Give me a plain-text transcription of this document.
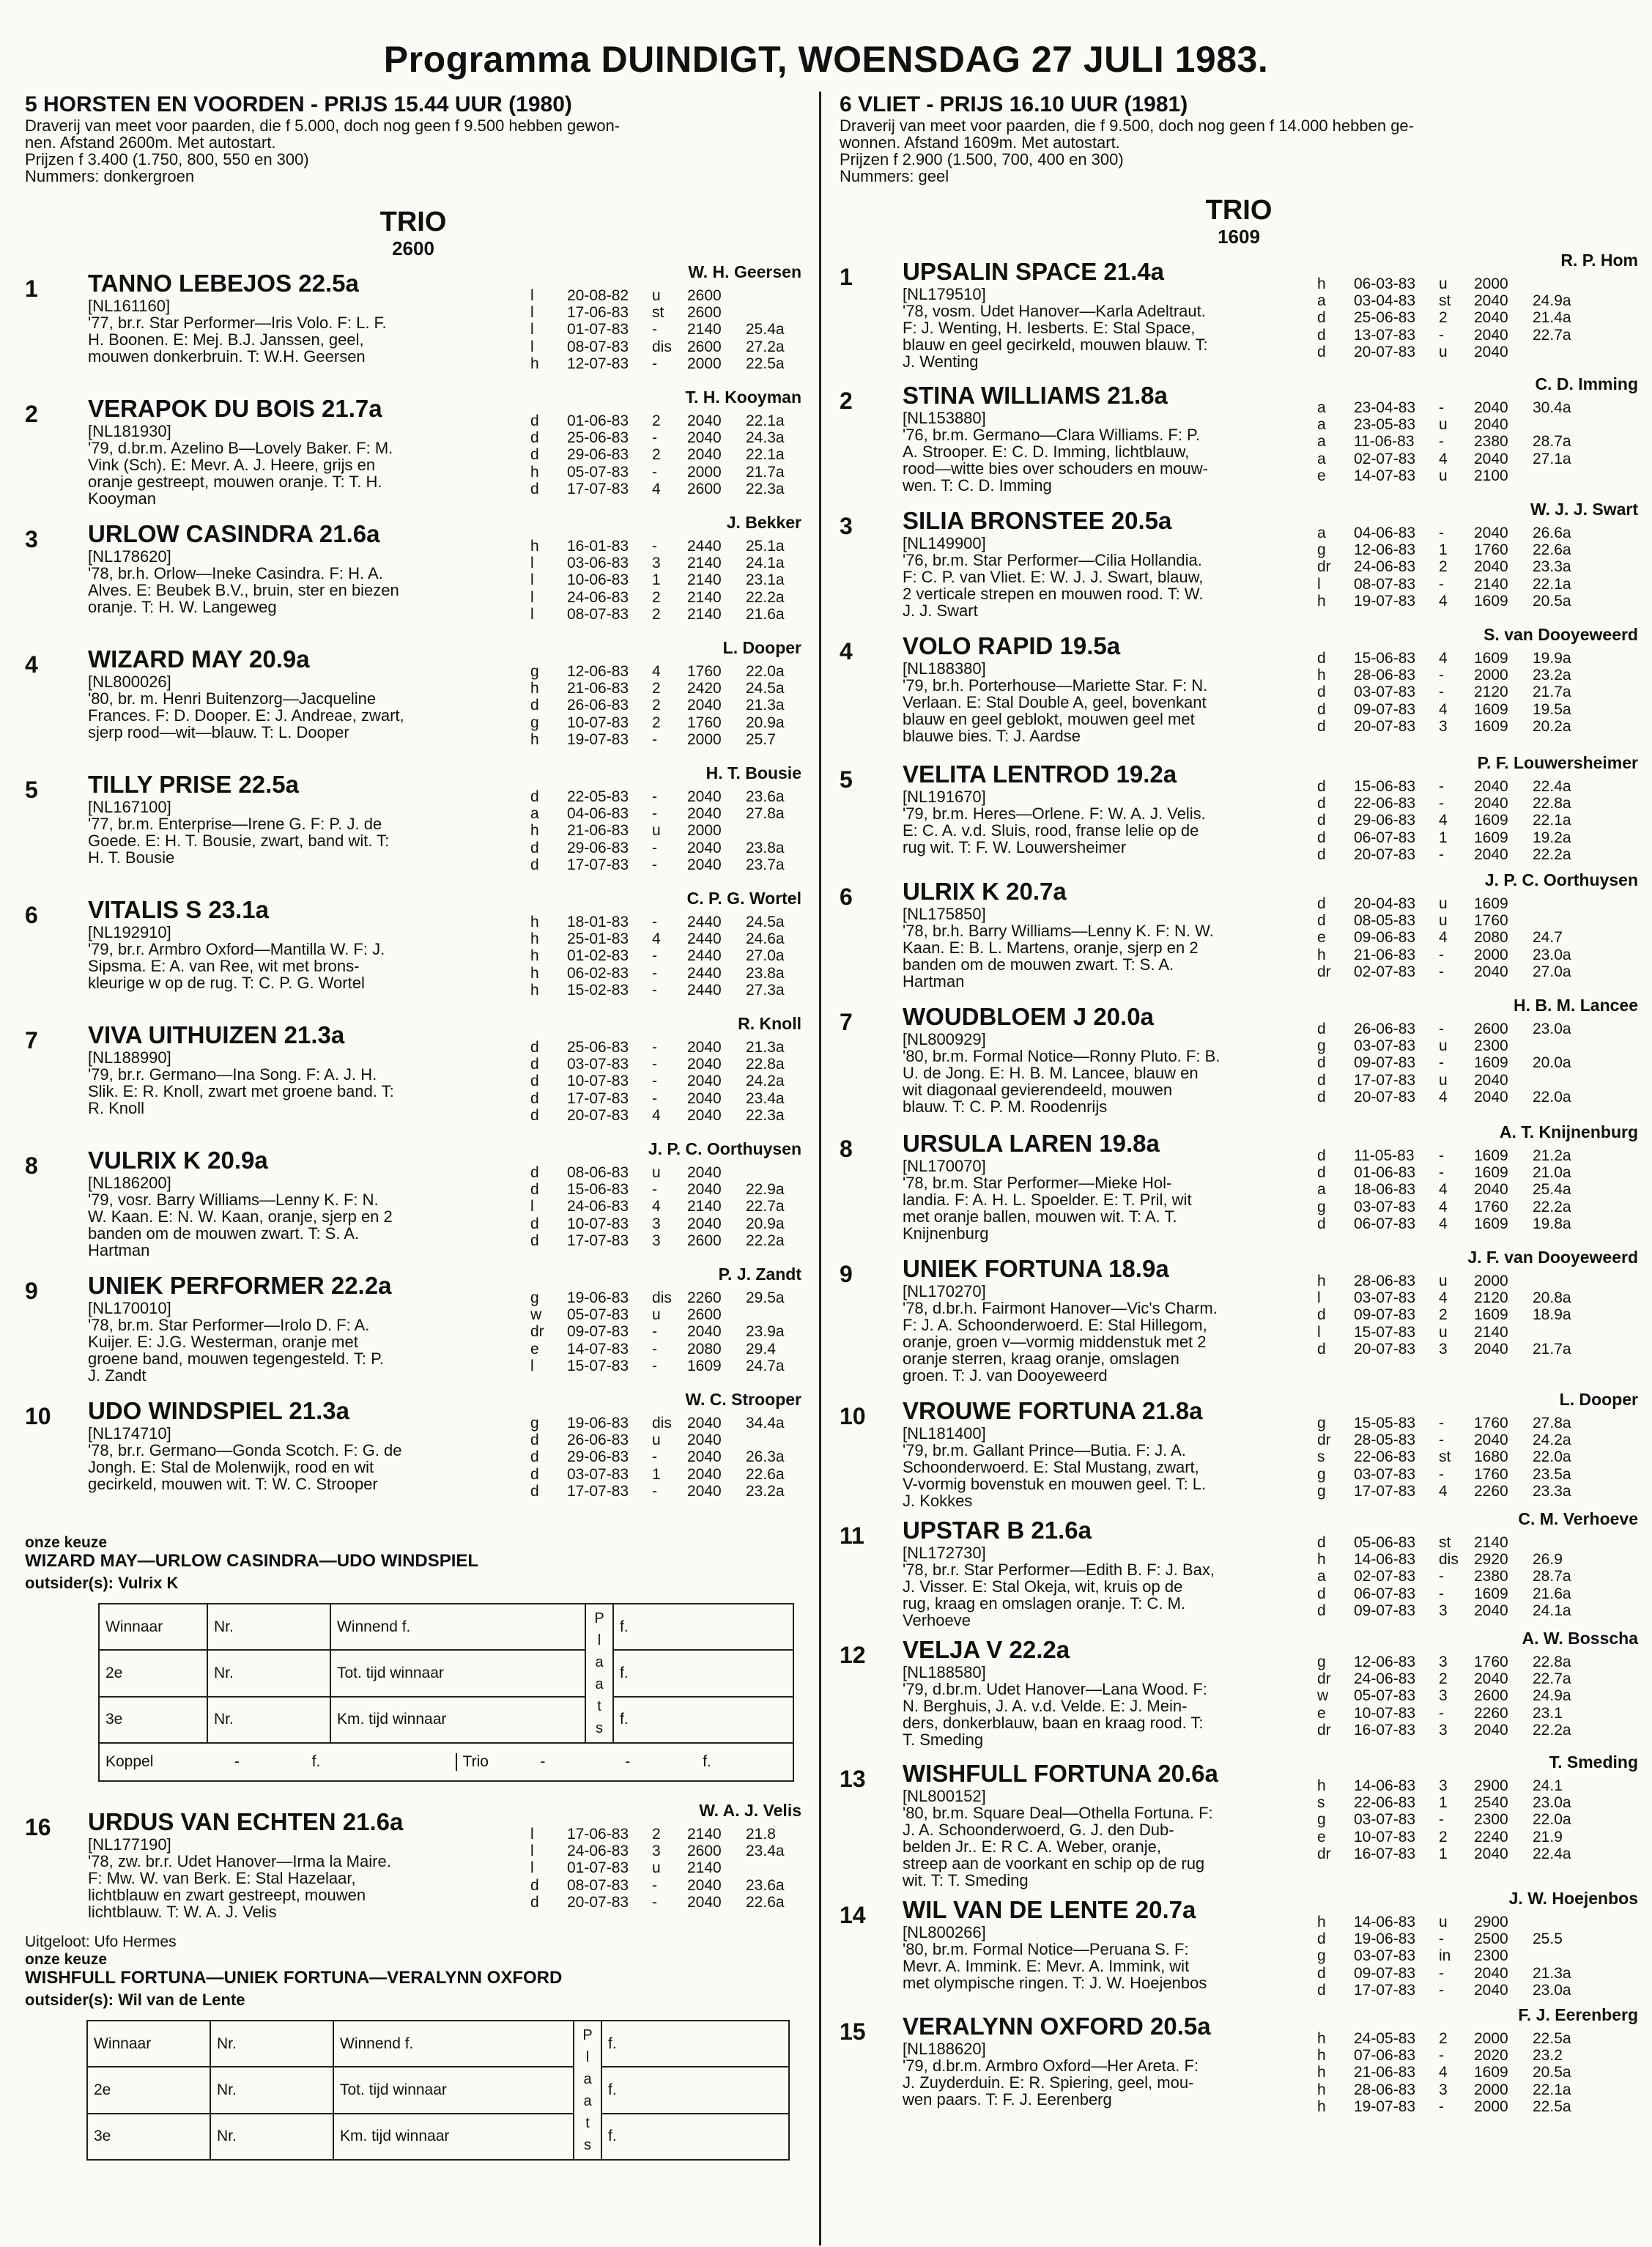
Programma DUINDIGT, WOENSDAG 27 JULI 1983.
5 HORSTEN EN VOORDEN - PRIJS 15.44 UUR (1980)
Draverij van meet voor paarden, die f 5.000, doch nog geen f 9.500 hebben gewon-
nen. Afstand 2600m. Met autostart.
Prijzen f 3.400 (1.750, 800, 550 en 300)
Nummers: donkergroen
TRIO
2600
1
W. H. Geersen
TANNO LEBEJOS 22.5a
[NL161160]
'77, br.r. Star Performer—Iris Volo. F: L. F.
H. Boonen. E: Mej. B.J. Janssen, geel,
mouwen donkerbruin. T: W.H. Geersen
l 20-08-82 u 2600
l 17-06-83 st 2600
l 01-07-83 - 2140 25.4a
l 08-07-83 dis 2600 27.2a
h 12-07-83 - 2000 22.5a
2
T. H. Kooyman
VERAPOK DU BOIS 21.7a
[NL181930]
'79, d.br.m. Azelino B—Lovely Baker. F: M.
Vink (Sch). E: Mevr. A. J. Heere, grijs en
oranje gestreept, mouwen oranje. T: T. H.
Kooyman
d 01-06-83 2 2040 22.1a
d 25-06-83 - 2040 24.3a
d 29-06-83 2 2040 22.1a
h 05-07-83 - 2000 21.7a
d 17-07-83 4 2600 22.3a
3
J. Bekker
URLOW CASINDRA 21.6a
[NL178620]
'78, br.h. Orlow—Ineke Casindra. F: H. A.
Alves. E: Beubek B.V., bruin, ster en biezen
oranje. T: H. W. Langeweg
h 16-01-83 - 2440 25.1a
l 03-06-83 3 2140 24.1a
l 10-06-83 1 2140 23.1a
l 24-06-83 2 2140 22.2a
l 08-07-83 2 2140 21.6a
4
L. Dooper
WIZARD MAY 20.9a
[NL800026]
'80, br. m. Henri Buitenzorg—Jacqueline
Frances. F: D. Dooper. E: J. Andreae, zwart,
sjerp rood—wit—blauw. T: L. Dooper
g 12-06-83 4 1760 22.0a
h 21-06-83 2 2420 24.5a
d 26-06-83 2 2040 21.3a
g 10-07-83 2 1760 20.9a
h 19-07-83 - 2000 25.7
5
H. T. Bousie
TILLY PRISE 22.5a
[NL167100]
'77, br.m. Enterprise—Irene G. F: P. J. de
Goede. E: H. T. Bousie, zwart, band wit. T:
H. T. Bousie
d 22-05-83 - 2040 23.6a
a 04-06-83 - 2040 27.8a
h 21-06-83 u 2000
d 29-06-83 - 2040 23.8a
d 17-07-83 - 2040 23.7a
6
C. P. G. Wortel
VITALIS S 23.1a
[NL192910]
'79, br.r. Armbro Oxford—Mantilla W. F: J.
Sipsma. E: A. van Ree, wit met brons-
kleurige w op de rug. T: C. P. G. Wortel
h 18-01-83 - 2440 24.5a
h 25-01-83 4 2440 24.6a
h 01-02-83 - 2440 27.0a
h 06-02-83 - 2440 23.8a
h 15-02-83 - 2440 27.3a
7
R. Knoll
VIVA UITHUIZEN 21.3a
[NL188990]
'79, br.r. Germano—Ina Song. F: A. J. H.
Slik. E: R. Knoll, zwart met groene band. T:
R. Knoll
d 25-06-83 - 2040 21.3a
d 03-07-83 - 2040 22.8a
d 10-07-83 - 2040 24.2a
d 17-07-83 - 2040 23.4a
d 20-07-83 4 2040 22.3a
8
J. P. C. Oorthuysen
VULRIX K 20.9a
[NL186200]
'79, vosr. Barry Williams—Lenny K. F: N.
W. Kaan. E: N. W. Kaan, oranje, sjerp en 2
banden om de mouwen zwart. T: S. A.
Hartman
d 08-06-83 u 2040
d 15-06-83 - 2040 22.9a
l 24-06-83 4 2140 22.7a
d 10-07-83 3 2040 20.9a
d 17-07-83 3 2600 22.2a
9
P. J. Zandt
UNIEK PERFORMER 22.2a
[NL170010]
'78, br.m. Star Performer—Irolo D. F: A.
Kuijer. E: J.G. Westerman, oranje met
groene band, mouwen tegengesteld. T: P.
J. Zandt
g 19-06-83 dis 2260 29.5a
w 05-07-83 u 2600
dr 09-07-83 - 2040 23.9a
e 14-07-83 - 2080 29.4
l 15-07-83 - 1609 24.7a
10
W. C. Strooper
UDO WINDSPIEL 21.3a
[NL174710]
'78, br.r. Germano—Gonda Scotch. F: G. de
Jongh. E: Stal de Molenwijk, rood en wit
gecirkeld, mouwen wit. T: W. C. Strooper
g 19-06-83 dis 2040 34.4a
d 26-06-83 u 2040
d 29-06-83 - 2040 26.3a
d 03-07-83 1 2040 22.6a
d 17-07-83 - 2040 23.2a
onze keuze
WIZARD MAY—URLOW CASINDRA—UDO WINDSPIEL
outsider(s): Vulrix K
Winnaar	Nr.	Winnend f.	Plaats	f.
2e	Nr.	Tot. tijd winnaar		f.
3e	Nr.	Km. tijd winnaar		f.
Koppel - f. Trio - - f.				
16
W. A. J. Velis
URDUS VAN ECHTEN 21.6a
[NL177190]
'78, zw. br.r. Udet Hanover—Irma la Maire.
F: Mw. W. van Berk. E: Stal Hazelaar,
lichtblauw en zwart gestreept, mouwen
lichtblauw. T: W. A. J. Velis
l 17-06-83 2 2140 21.8
l 24-06-83 3 2600 23.4a
l 01-07-83 u 2140
d 08-07-83 - 2040 23.6a
d 20-07-83 - 2040 22.6a
Uitgeloot: Ufo Hermes
onze keuze
WISHFULL FORTUNA—UNIEK FORTUNA—VERALYNN OXFORD
outsider(s): Wil van de Lente
Winnaar	Nr.	Winnend f.	Plaats	f.
2e	Nr.	Tot. tijd winnaar		f.
3e	Nr.	Km. tijd winnaar		f.
6 VLIET - PRIJS 16.10 UUR (1981)
Draverij van meet voor paarden, die f 9.500, doch nog geen f 14.000 hebben ge-
wonnen. Afstand 1609m. Met autostart.
Prijzen f 2.900 (1.500, 700, 400 en 300)
Nummers: geel
TRIO
1609
1
R. P. Hom
UPSALIN SPACE 21.4a
[NL179510]
'78, vosm. Udet Hanover—Karla Adeltraut.
F: J. Wenting, H. Iesberts. E: Stal Space,
blauw en geel gecirkeld, mouwen blauw. T:
J. Wenting
h 06-03-83 u 2000
a 03-04-83 st 2040 24.9a
d 25-06-83 2 2040 21.4a
d 13-07-83 - 2040 22.7a
d 20-07-83 u 2040
2
C. D. Imming
STINA WILLIAMS 21.8a
[NL153880]
'76, br.m. Germano—Clara Williams. F: P.
A. Strooper. E: C. D. Imming, lichtblauw,
rood—witte bies over schouders en mouw-
wen. T: C. D. Imming
a 23-04-83 - 2040 30.4a
a 23-05-83 u 2040
a 11-06-83 - 2380 28.7a
a 02-07-83 4 2040 27.1a
e 14-07-83 u 2100
3
W. J. J. Swart
SILIA BRONSTEE 20.5a
[NL149900]
'76, br.m. Star Performer—Cilia Hollandia.
F: C. P. van Vliet. E: W. J. J. Swart, blauw,
2 verticale strepen en mouwen rood. T: W.
J. J. Swart
a 04-06-83 - 2040 26.6a
g 12-06-83 1 1760 22.6a
dr 24-06-83 2 2040 23.3a
l 08-07-83 - 2140 22.1a
h 19-07-83 4 1609 20.5a
4
S. van Dooyeweerd
VOLO RAPID 19.5a
[NL188380]
'79, br.h. Porterhouse—Mariette Star. F: N.
Verlaan. E: Stal Double A, geel, bovenkant
blauw en geel geblokt, mouwen geel met
blauwe bies. T: J. Aardse
d 15-06-83 4 1609 19.9a
h 28-06-83 - 2000 23.2a
d 03-07-83 - 2120 21.7a
d 09-07-83 4 1609 19.5a
d 20-07-83 3 1609 20.2a
5
P. F. Louwersheimer
VELITA LENTROD 19.2a
[NL191670]
'79, br.m. Heres—Orlene. F: W. A. J. Velis.
E: C. A. v.d. Sluis, rood, franse lelie op de
rug wit. T: F. W. Louwersheimer
d 15-06-83 - 2040 22.4a
d 22-06-83 - 2040 22.8a
d 29-06-83 4 1609 22.1a
d 06-07-83 1 1609 19.2a
d 20-07-83 - 2040 22.2a
6
J. P. C. Oorthuysen
ULRIX K 20.7a
[NL175850]
'78, br.h. Barry Williams—Lenny K. F: N. W.
Kaan. E: B. L. Martens, oranje, sjerp en 2
banden om de mouwen zwart. T: S. A.
Hartman
d 20-04-83 u 1609
d 08-05-83 u 1760
e 09-06-83 4 2080 24.7
h 21-06-83 - 2000 23.0a
dr 02-07-83 - 2040 27.0a
7
H. B. M. Lancee
WOUDBLOEM J 20.0a
[NL800929]
'80, br.m. Formal Notice—Ronny Pluto. F: B.
U. de Jong. E: H. B. M. Lancee, blauw en
wit diagonaal gevierendeeld, mouwen
blauw. T: C. P. M. Roodenrijs
d 26-06-83 - 2600 23.0a
g 03-07-83 u 2300
d 09-07-83 - 1609 20.0a
d 17-07-83 u 2040
d 20-07-83 4 2040 22.0a
8
A. T. Knijnenburg
URSULA LAREN 19.8a
[NL170070]
'78, br.m. Star Performer—Mieke Hol-
landia. F: A. H. L. Spoelder. E: T. Pril, wit
met oranje ballen, mouwen wit. T: A. T.
Knijnenburg
d 11-05-83 - 1609 21.2a
d 01-06-83 - 1609 21.0a
a 18-06-83 4 2040 25.4a
g 03-07-83 4 1760 22.2a
d 06-07-83 4 1609 19.8a
9
J. F. van Dooyeweerd
UNIEK FORTUNA 18.9a
[NL170270]
'78, d.br.h. Fairmont Hanover—Vic's Charm.
F: J. A. Schoonderwoerd. E: Stal Hillegom,
oranje, groen v—vormig middenstuk met 2
oranje sterren, kraag oranje, omslagen
groen. T: J. van Dooyeweerd
h 28-06-83 u 2000
l 03-07-83 4 2120 20.8a
d 09-07-83 2 1609 18.9a
l 15-07-83 u 2140
d 20-07-83 3 2040 21.7a
10
L. Dooper
VROUWE FORTUNA 21.8a
[NL181400]
'79, br.m. Gallant Prince—Butia. F: J. A.
Schoonderwoerd. E: Stal Mustang, zwart,
V-vormig bovenstuk en mouwen geel. T: L.
J. Kokkes
g 15-05-83 - 1760 27.8a
dr 28-05-83 - 2040 24.2a
s 22-06-83 st 1680 22.0a
g 03-07-83 - 1760 23.5a
g 17-07-83 4 2260 23.3a
11
C. M. Verhoeve
UPSTAR B 21.6a
[NL172730]
'78, br.r. Star Performer—Edith B. F: J. Bax,
J. Visser. E: Stal Okeja, wit, kruis op de
rug, kraag en omslagen oranje. T: C. M.
Verhoeve
d 05-06-83 st 2140
h 14-06-83 dis 2920 26.9
a 02-07-83 - 2380 28.7a
d 06-07-83 - 1609 21.6a
d 09-07-83 3 2040 24.1a
12
A. W. Bosscha
VELJA V 22.2a
[NL188580]
'79, d.br.m. Udet Hanover—Lana Wood. F:
N. Berghuis, J. A. v.d. Velde. E: J. Mein-
ders, donkerblauw, baan en kraag rood. T:
T. Smeding
g 12-06-83 3 1760 22.8a
dr 24-06-83 2 2040 22.7a
w 05-07-83 3 2600 24.9a
e 10-07-83 - 2260 23.1
dr 16-07-83 3 2040 22.2a
13
T. Smeding
WISHFULL FORTUNA 20.6a
[NL800152]
'80, br.m. Square Deal—Othella Fortuna. F:
J. A. Schoonderwoerd, G. J. den Dub-
belden Jr.. E: R C. A. Weber, oranje,
streep aan de voorkant en schip op de rug
wit. T: T. Smeding
h 14-06-83 3 2900 24.1
s 22-06-83 1 2540 23.0a
g 03-07-83 - 2300 22.0a
e 10-07-83 2 2240 21.9
dr 16-07-83 1 2040 22.4a
14
J. W. Hoejenbos
WIL VAN DE LENTE 20.7a
[NL800266]
'80, br.m. Formal Notice—Peruana S. F:
Mevr. A. Immink. E: Mevr. A. Immink, wit
met olympische ringen. T: J. W. Hoejenbos
h 14-06-83 u 2900
d 19-06-83 - 2500 25.5
g 03-07-83 in 2300
d 09-07-83 - 2040 21.3a
d 17-07-83 - 2040 23.0a
15
F. J. Eerenberg
VERALYNN OXFORD 20.5a
[NL188620]
'79, d.br.m. Armbro Oxford—Her Areta. F:
J. Zuyderduin. E: R. Spiering, geel, mou-
wen paars. T: F. J. Eerenberg
h 24-05-83 2 2000 22.5a
h 07-06-83 - 2020 23.2
h 21-06-83 4 1609 20.5a
h 28-06-83 3 2000 22.1a
h 19-07-83 - 2000 22.5a
